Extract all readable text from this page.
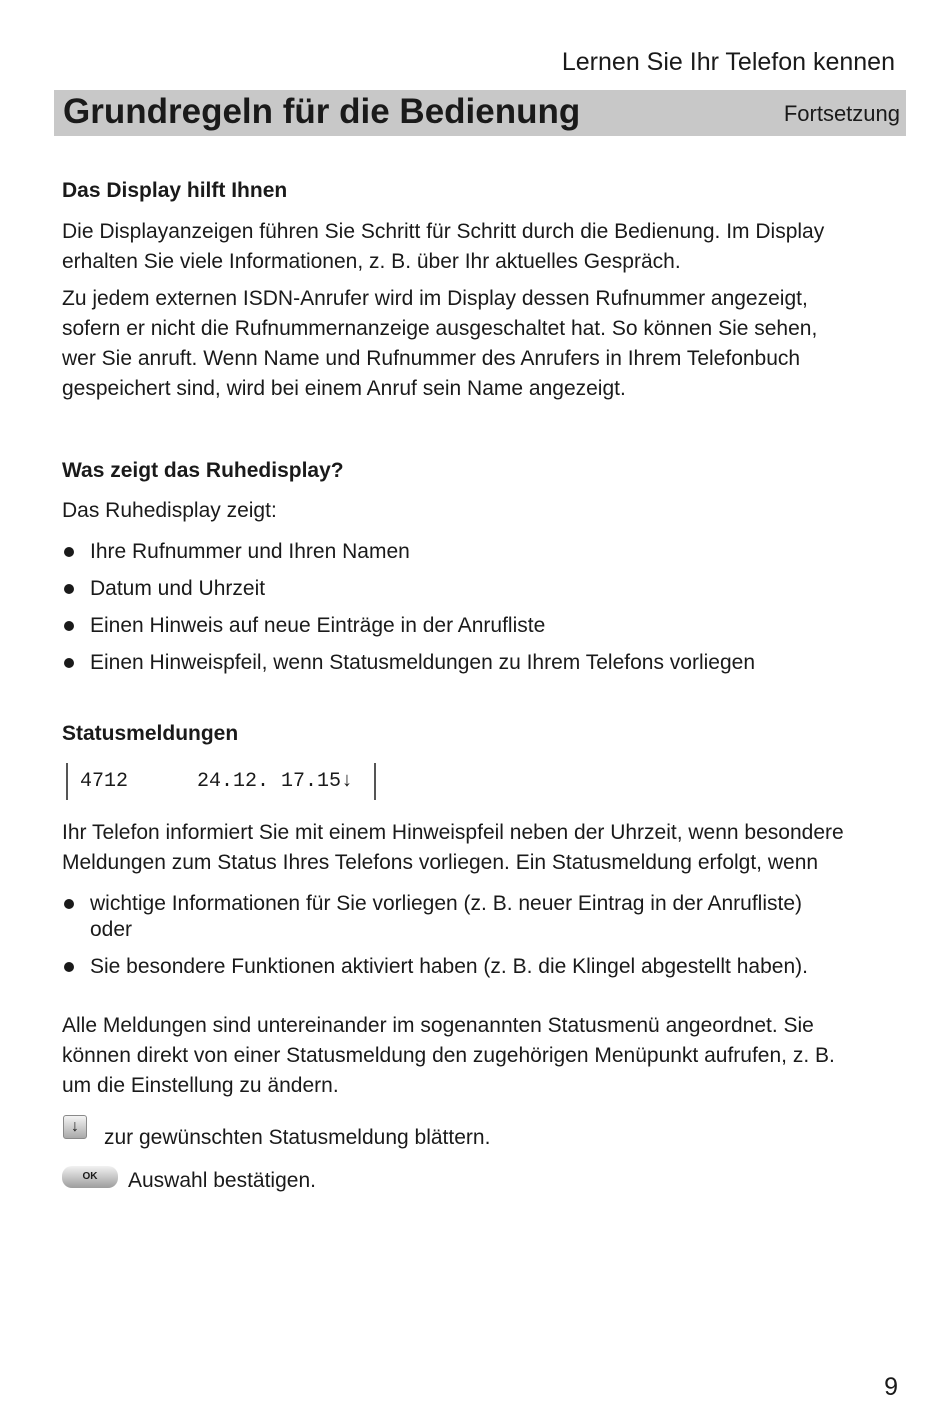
Lernen Sie Ihr Telefon kennen
Grundregeln für die Bedienung	Fortsetzung
Das Display hilft Ihnen
Die Displayanzeigen führen Sie Schritt für Schritt durch die Bedienung. Im Display
erhalten Sie viele Informationen, z. B. über Ihr aktuelles Gespräch.
Zu jedem externen ISDN-Anrufer wird im Display dessen Rufnummer angezeigt,
sofern er nicht die Rufnummernanzeige ausgeschaltet hat. So können Sie sehen,
wer Sie anruft. Wenn Name und Rufnummer des Anrufers in Ihrem Telefonbuch
gespeichert sind, wird bei einem Anruf sein Name angezeigt.
Was zeigt das Ruhedisplay?
Das Ruhedisplay zeigt:
Ihre Rufnummer und Ihren Namen
Datum und Uhrzeit
Einen Hinweis auf neue Einträge in der Anrufliste
Einen Hinweispfeil, wenn Statusmeldungen zu Ihrem Telefons vorliegen
Statusmeldungen
4712	24.12. 17.15↓
Ihr Telefon informiert Sie mit einem Hinweispfeil neben der Uhrzeit, wenn besondere
Meldungen zum Status Ihres Telefons vorliegen. Ein Statusmeldung erfolgt, wenn
wichtige Informationen für Sie vorliegen (z. B. neuer Eintrag in der Anrufliste)
oder
Sie besondere Funktionen aktiviert haben (z. B. die Klingel abgestellt haben).
Alle Meldungen sind untereinander im sogenannten Statusmenü angeordnet. Sie
können direkt von einer Statusmeldung den zugehörigen Menüpunkt aufrufen, z. B.
um die Einstellung zu ändern.
↓	zur gewünschten Statusmeldung blättern.
OK	Auswahl bestätigen.
9
